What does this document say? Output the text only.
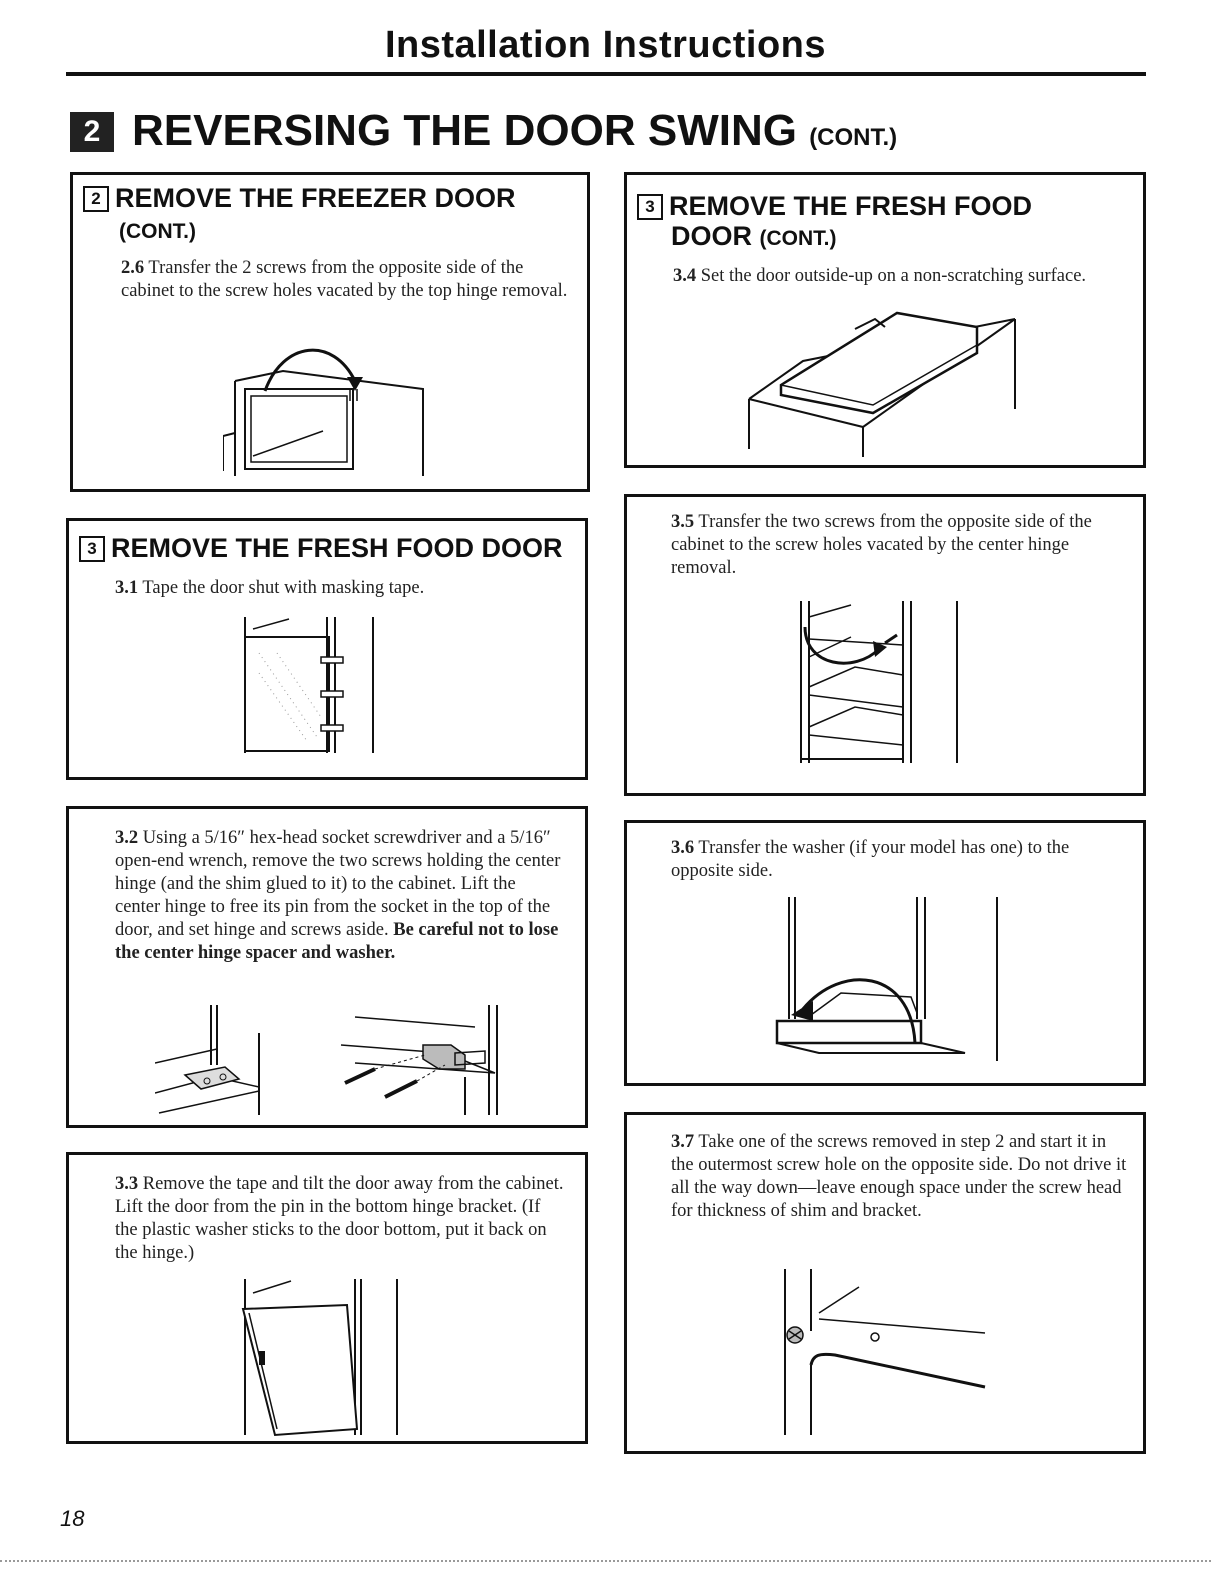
Installation Instructions
2 REVERSING THE DOOR SWING (CONT.)
2 REMOVE THE FREEZER DOOR
(CONT.)
2.6 Transfer the 2 screws from the opposite side of the cabinet to the screw holes vacated by the top hinge removal.
3 REMOVE THE FRESH FOOD DOOR
3.1 Tape the door shut with masking tape.
3.2 Using a 5/16″ hex-head socket screwdriver and a 5/16″ open-end wrench, remove the two screws holding the center hinge (and the shim glued to it) to the cabinet. Lift the center hinge to free its pin from the socket in the top of the door, and set hinge and screws aside. Be careful not to lose the center hinge spacer and washer.
3.3 Remove the tape and tilt the door away from the cabinet. Lift the door from the pin in the bottom hinge bracket. (If the plastic washer sticks to the door bottom, put it back on the hinge.)
3 REMOVE THE FRESH FOOD
DOOR (CONT.)
3.4 Set the door outside-up on a non-scratching surface.
3.5 Transfer the two screws from the opposite side of the cabinet to the screw holes vacated by the center hinge removal.
3.6 Transfer the washer (if your model has one) to the opposite side.
3.7 Take one of the screws removed in step 2 and start it in the outermost screw hole on the opposite side. Do not drive it all the way down—leave enough space under the screw head for thickness of shim and bracket.
18
